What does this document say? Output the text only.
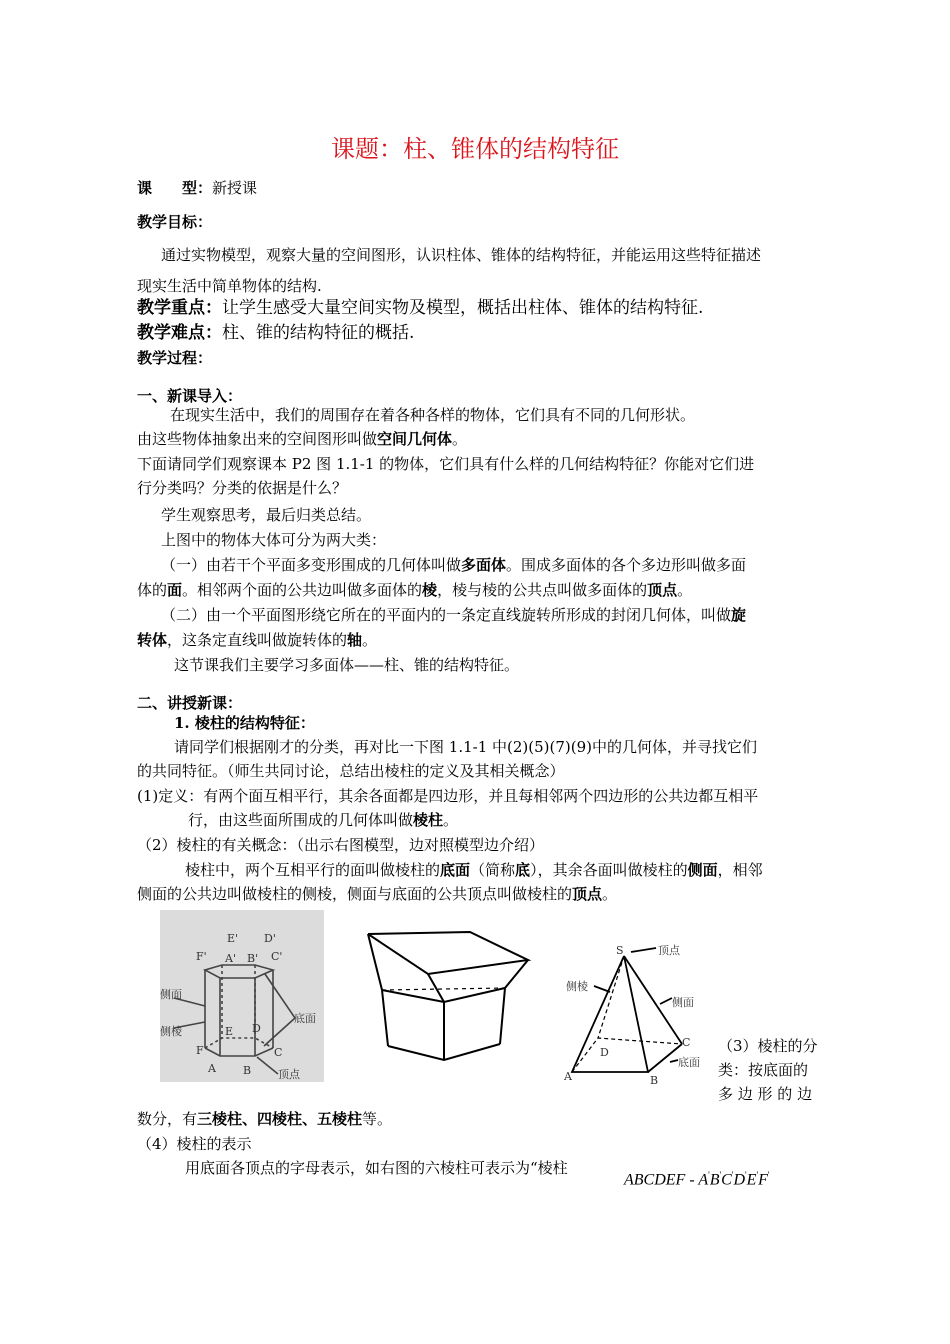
课题：柱、锥体的结构特征
课　　型：新授课
教学目标：
通过实物模型，观察大量的空间图形，认识柱体、锥体的结构特征，并能运用这些特征描述
现实生活中简单物体的结构.
教学重点：让学生感受大量空间实物及模型，概括出柱体、锥体的结构特征.
教学难点：柱、锥的结构特征的概括.
教学过程：
一、新课导入：
在现实生活中，我们的周围存在着各种各样的物体，它们具有不同的几何形状。
由这些物体抽象出来的空间图形叫做空间几何体。
下面请同学们观察课本 P2 图 1.1-1 的物体，它们具有什么样的几何结构特征？你能对它们进
行分类吗？分类的依据是什么？
学生观察思考，最后归类总结。
上图中的物体大体可分为两大类：
（一）由若干个平面多变形围成的几何体叫做多面体。围成多面体的各个多边形叫做多面
体的面。相邻两个面的公共边叫做多面体的棱，棱与棱的公共点叫做多面体的顶点。
（二）由一个平面图形绕它所在的平面内的一条定直线旋转所形成的封闭几何体，叫做旋
转体，这条定直线叫做旋转体的轴。
这节课我们主要学习多面体——柱、锥的结构特征。
二、讲授新课：
1. 棱柱的结构特征：
请同学们根据刚才的分类，再对比一下图 1.1-1 中(2)(5)(7)(9)中的几何体，并寻找它们
的共同特征。（师生共同讨论，总结出棱柱的定义及其相关概念）
(1)定义：有两个面互相平行，其余各面都是四边形，并且每相邻两个四边形的公共边都互相平
行，由这些面所围成的几何体叫做棱柱。
（2）棱柱的有关概念：（出示右图模型，边对照模型边介绍）
棱柱中，两个互相平行的面叫做棱柱的底面（简称底），其余各面叫做棱柱的侧面，相邻
侧面的公共边叫做棱柱的侧棱，侧面与底面的公共顶点叫做棱柱的顶点。
E' D'
F' A' B' C'
侧面
侧棱	E D
F	C
A B
底面
顶点
S	顶点
侧棱
侧面
C
D
底面
A	B
（3）棱柱的分
类：按底面的
多 边 形 的 边
数分，有三棱柱、四棱柱、五棱柱等。
（4）棱柱的表示
用底面各顶点的字母表示，如右图的六棱柱可表示为“棱柱
ABCDEF - A'B'C'D'E'F'
